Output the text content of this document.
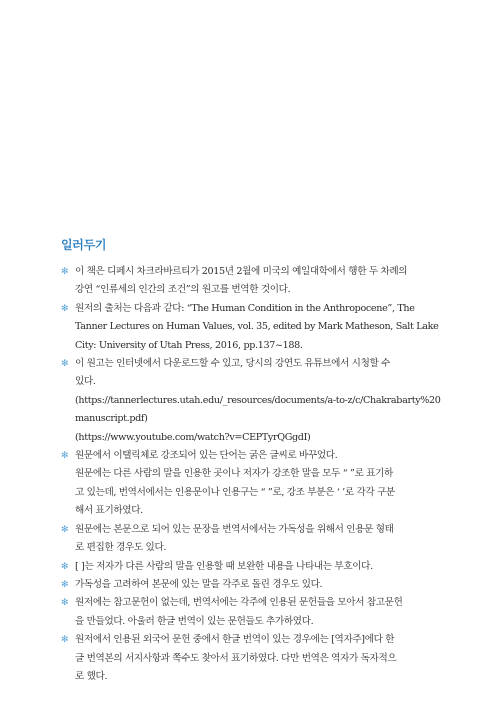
일러두기
✻ 이 책은 디페시 차크라바르티가 2015년 2월에 미국의 예일대학에서 행한 두 차례의
강연 “인류세의 인간의 조건”의 원고를 번역한 것이다.
✻ 원저의 출처는 다음과 같다: “The Human Condition in the Anthropocene”, The
Tanner Lectures on Human Values, vol. 35, edited by Mark Matheson, Salt Lake
City: University of Utah Press, 2016, pp.137~188.
✻ 이 원고는 인터넷에서 다운로드할 수 있고, 당시의 강연도 유튜브에서 시청할 수
있다.
(https://tannerlectures.utah.edu/_resources/documents/a-to-z/c/Chakrabarty%20
manuscript.pdf)
(https://www.youtube.com/watch?v=CEPTyrQGgdI)
✻ 원문에서 이탤릭체로 강조되어 있는 단어는 굵은 글씨로 바꾸었다.
원문에는 다른 사람의 말을 인용한 곳이나 저자가 강조한 말을 모두 “ ”로 표기하
고 있는데, 번역서에서는 인용문이나 인용구는 “ ”로, 강조 부분은 ‘ ’로 각각 구분
해서 표기하였다.
✻ 원문에는 본문으로 되어 있는 문장을 번역서에서는 가독성을 위해서 인용문 형태
로 편집한 경우도 있다.
✻ [ ]는 저자가 다른 사람의 말을 인용할 때 보완한 내용을 나타내는 부호이다.
✻ 가독성을 고려하여 본문에 있는 말을 각주로 돌린 경우도 있다.
✻ 원저에는 참고문헌이 없는데, 번역서에는 각주에 인용된 문헌들을 모아서 참고문헌
을 만들었다. 아울러 한글 번역이 있는 문헌들도 추가하였다.
✻ 원저에서 인용된 외국어 문헌 중에서 한글 번역이 있는 경우에는 [역자주]에다 한
글 번역본의 서지사항과 쪽수도 찾아서 표기하였다. 다만 번역은 역자가 독자적으
로 했다.
